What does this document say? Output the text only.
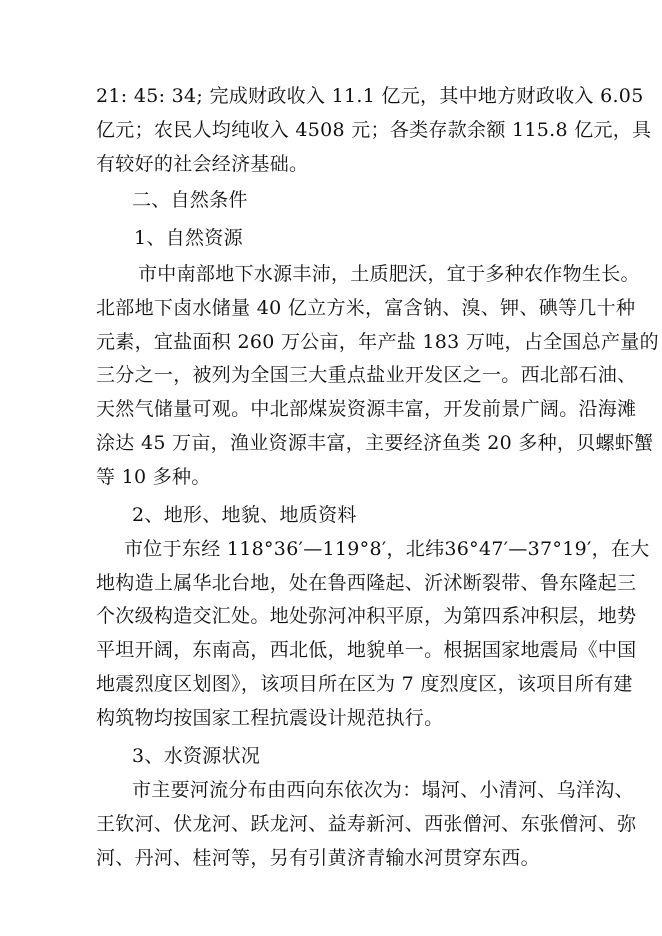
21: 45: 34; 完成财政收入 11.1 亿元，其中地方财政收入 6.05
亿元；农民人均纯收入 4508 元；各类存款余额 115.8 亿元，具
有较好的社会经济基础。
二、自然条件
1、自然资源
市中南部地下水源丰沛，土质肥沃，宜于多种农作物生长。
北部地下卤水储量 40 亿立方米，富含钠、溴、钾、碘等几十种
元素，宜盐面积 260 万公亩，年产盐 183 万吨，占全国总产量的
三分之一，被列为全国三大重点盐业开发区之一。西北部石油、
天然气储量可观。中北部煤炭资源丰富，开发前景广阔。沿海滩
涂达 45 万亩，渔业资源丰富，主要经济鱼类 20 多种，贝螺虾蟹
等 10 多种。
2、地形、地貌、地质资料
市位于东经 118°36′—119°8′，北纬36°47′—37°19′，在大
地构造上属华北台地，处在鲁西隆起、沂沭断裂带、鲁东隆起三
个次级构造交汇处。地处弥河冲积平原，为第四系冲积层，地势
平坦开阔，东南高，西北低，地貌单一。根据国家地震局《中国
地震烈度区划图》，该项目所在区为 7 度烈度区，该项目所有建
构筑物均按国家工程抗震设计规范执行。
3、水资源状况
市主要河流分布由西向东依次为：塌河、小清河、乌洋沟、
王钦河、伏龙河、跃龙河、益寿新河、西张僧河、东张僧河、弥
河、丹河、桂河等，另有引黄济青输水河贯穿东西。
